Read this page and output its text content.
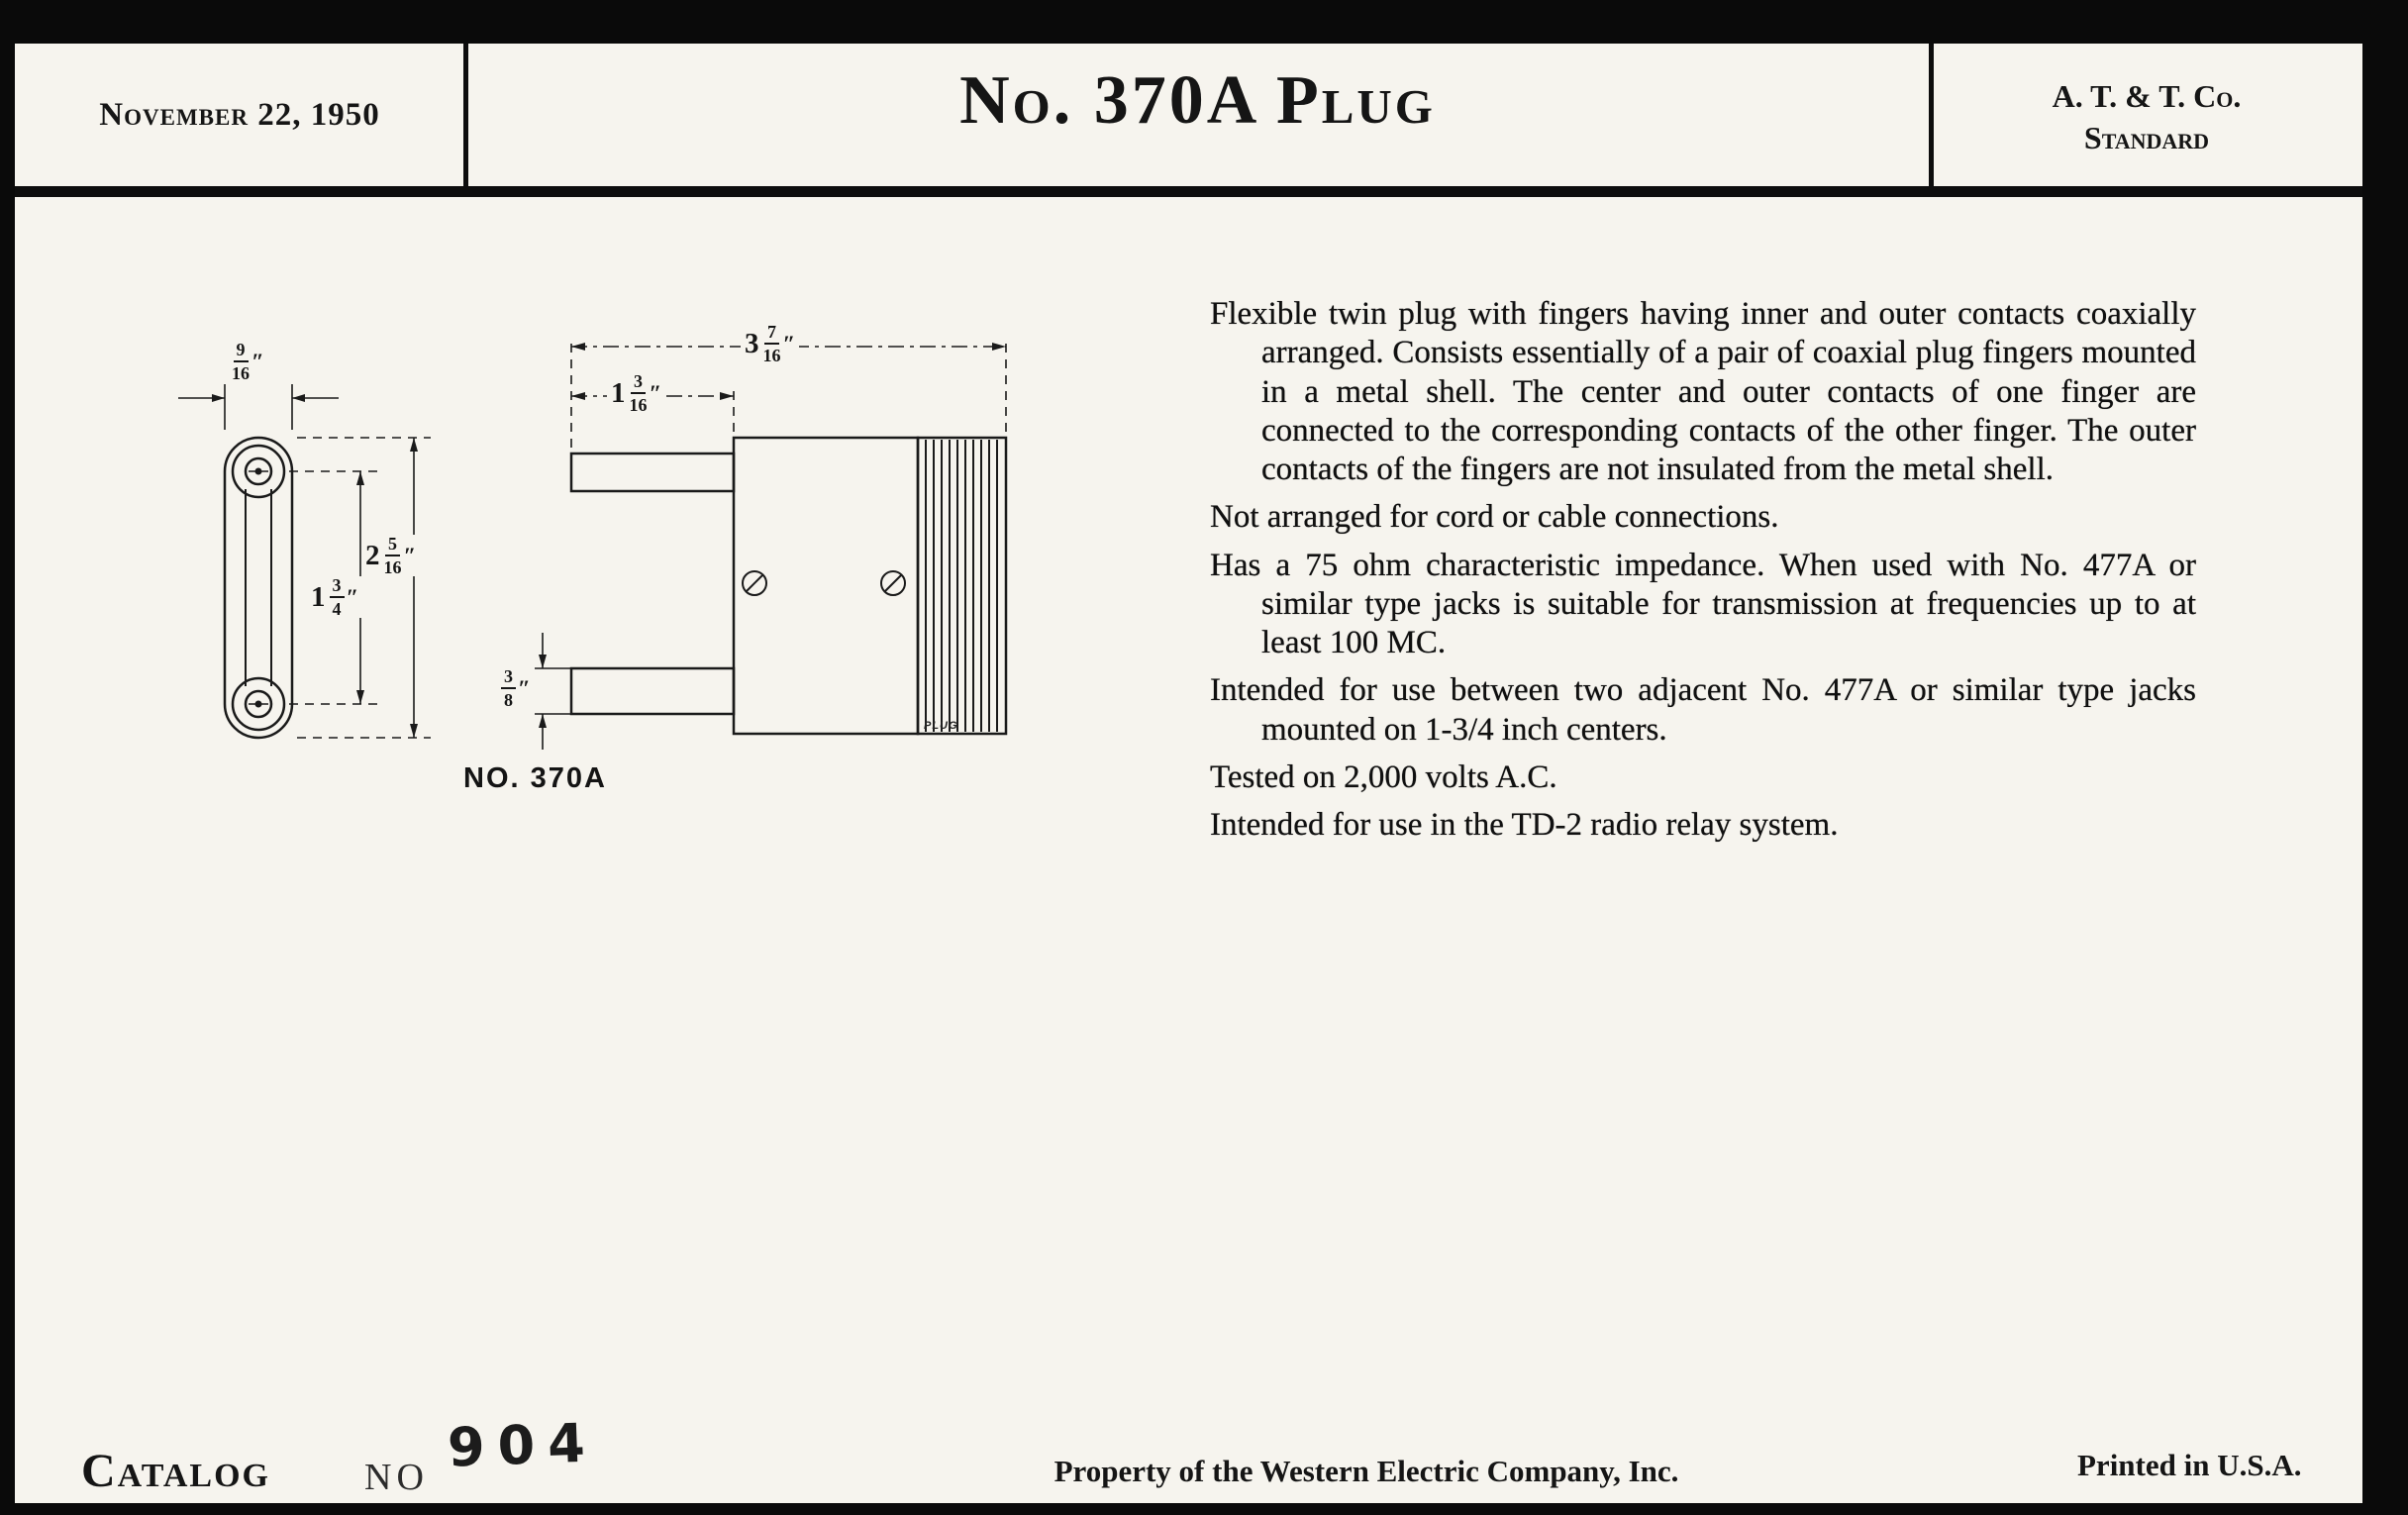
November 22, 1950	No. 370A Plug	A. T. & T. Co.
Standard
$\frac{9}{16}$ ″
$3 \frac{7}{16}$ ″
$1 \frac{3}{16}$ ″
$2 \frac{5}{16}$ ″
$1 \frac{3}{4}$ ″
$\frac{3}{8}$ ″
PLUG
NO. 370A

Flexible twin plug with fingers having inner and outer contacts coaxially arranged. Consists essentially of a pair of coaxial plug fingers mounted in a metal shell. The center and outer contacts of one finger are connected to the corresponding contacts of the other finger. The outer contacts of the fingers are not insulated from the metal shell.

Not arranged for cord or cable connections.

Has a 75 ohm characteristic impedance. When used with No. 477A or similar type jacks is suitable for transmission at frequencies up to at least 100 MC.

Intended for use between two adjacent No. 477A or similar type jacks mounted on 1-3/4 inch centers.

Tested on 2,000 volts A.C.

Intended for use in the TD-2 radio relay system.

Catalog	NO 904	Property of the Western Electric Company, Inc.	Printed in U.S.A.
